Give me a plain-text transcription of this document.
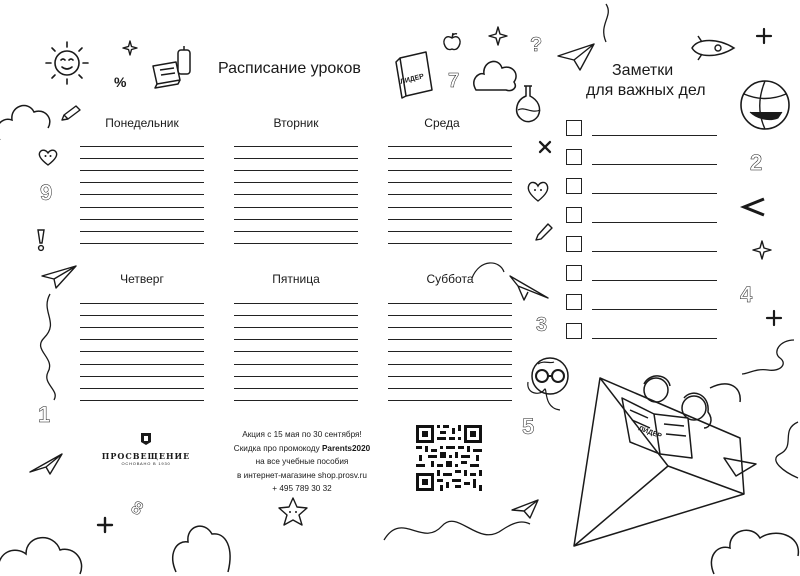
Расписание уроков
Понедельник	Вторник	Среда
Четверг	Пятница	Суббота
Заметки
для важных дел
ПРОСВЕЩЕНИЕ
ОСНОВАНО В 1930
Акция с 15 мая по 30 сентября!
Скидка про промокоду Parents2020
на все учебные пособия
в интернет-магазине shop.prosv.ru
+ 495 789 30 32
%
9
1
8
ЛИДЕР 7
?
2
4
3
5	ЛИДЕР
